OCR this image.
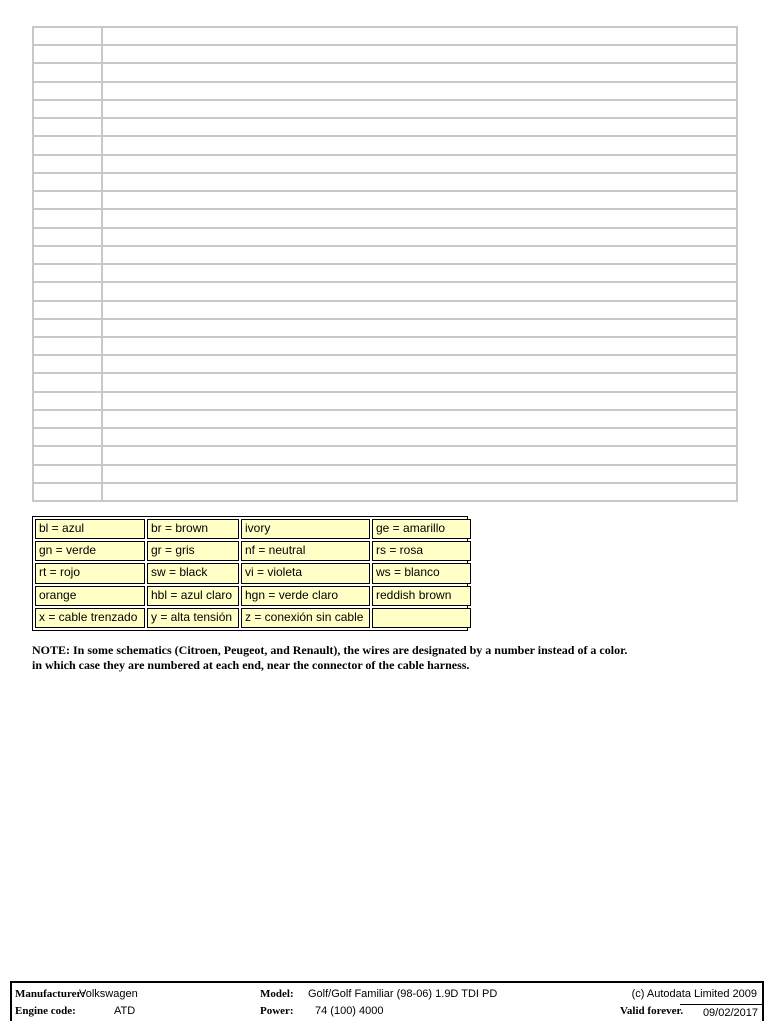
bl = azul	br = brown	ivory	ge = amarillo
gn = verde	gr = gris	nf = neutral	rs = rosa
rt = rojo	sw = black	vi = violeta	ws = blanco
orange	hbl = azul claro	hgn = verde claro	reddish brown
x = cable trenzado	y = alta tensión	z = conexión sin cable
NOTE: In some schematics (Citroen, Peugeot, and Renault), the wires are designated by a number instead of a color.
in which case they are numbered at each end, near the connector of the cable harness.
Manufacturer:
Volkswagen
Engine code:	ATD
Model: Golf/Golf Familiar (98-06) 1.9D TDI PD
Power: 74 (100) 4000
(c) Autodata Limited 2009
Valid forever. 09/02/2017
